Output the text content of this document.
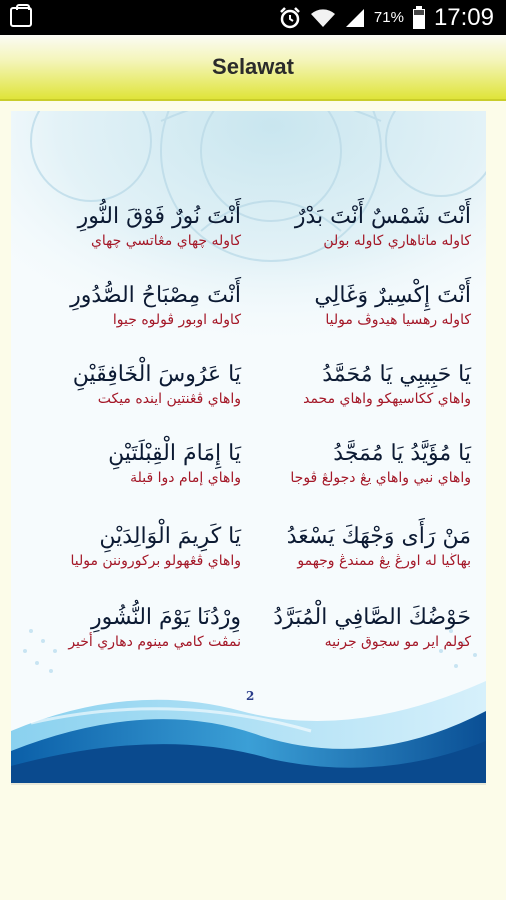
71% 17:09
Selawat
أَنْتَ شَمْسٌ أَنْتَ بَدْرٌ
كاوله ماتاهاري كاوله بولن
أَنْتَ نُورٌ فَوْقَ النُّورِ
كاوله چهاي مڠاتسي چهاي
أَنْتَ إِكْسِيرٌ وَغَالِي
كاوله رهسيا هيدوڤ موليا
أَنْتَ مِصْبَاحُ الصُّدُورِ
كاوله اوبور ڤولوه جيوا
يَا حَبِيبِي يَا مُحَمَّدُ
واهاي ككاسيهكو واهاي محمد
يَا عَرُوسَ الْخَافِقَيْنِ
واهاي ڤڠنتين ايندە ميكت
يَا مُؤَيَّدُ يَا مُمَجَّدُ
واهاي نبي واهاي يڠ دجولڠ ڤوجا
يَا إِمَامَ الْقِبْلَتَيْنِ
واهاي إمام دوا قبلة
مَنْ رَأَى وَجْهَكَ يَسْعَدُ
بهاڬيا له اورڠ يڠ ممندڠ وجهمو
يَا كَرِيمَ الْوَالِدَيْنِ
واهاي ڤڠهولو برکوروننن موليا
حَوْضُكَ الصَّافِي الْمُبَرَّدُ
کولم اير مو سجوق جرنيه
وِرْدُنَا يَوْمَ النُّشُورِ
نمڤت کامي مينوم دهاري أخير
2
